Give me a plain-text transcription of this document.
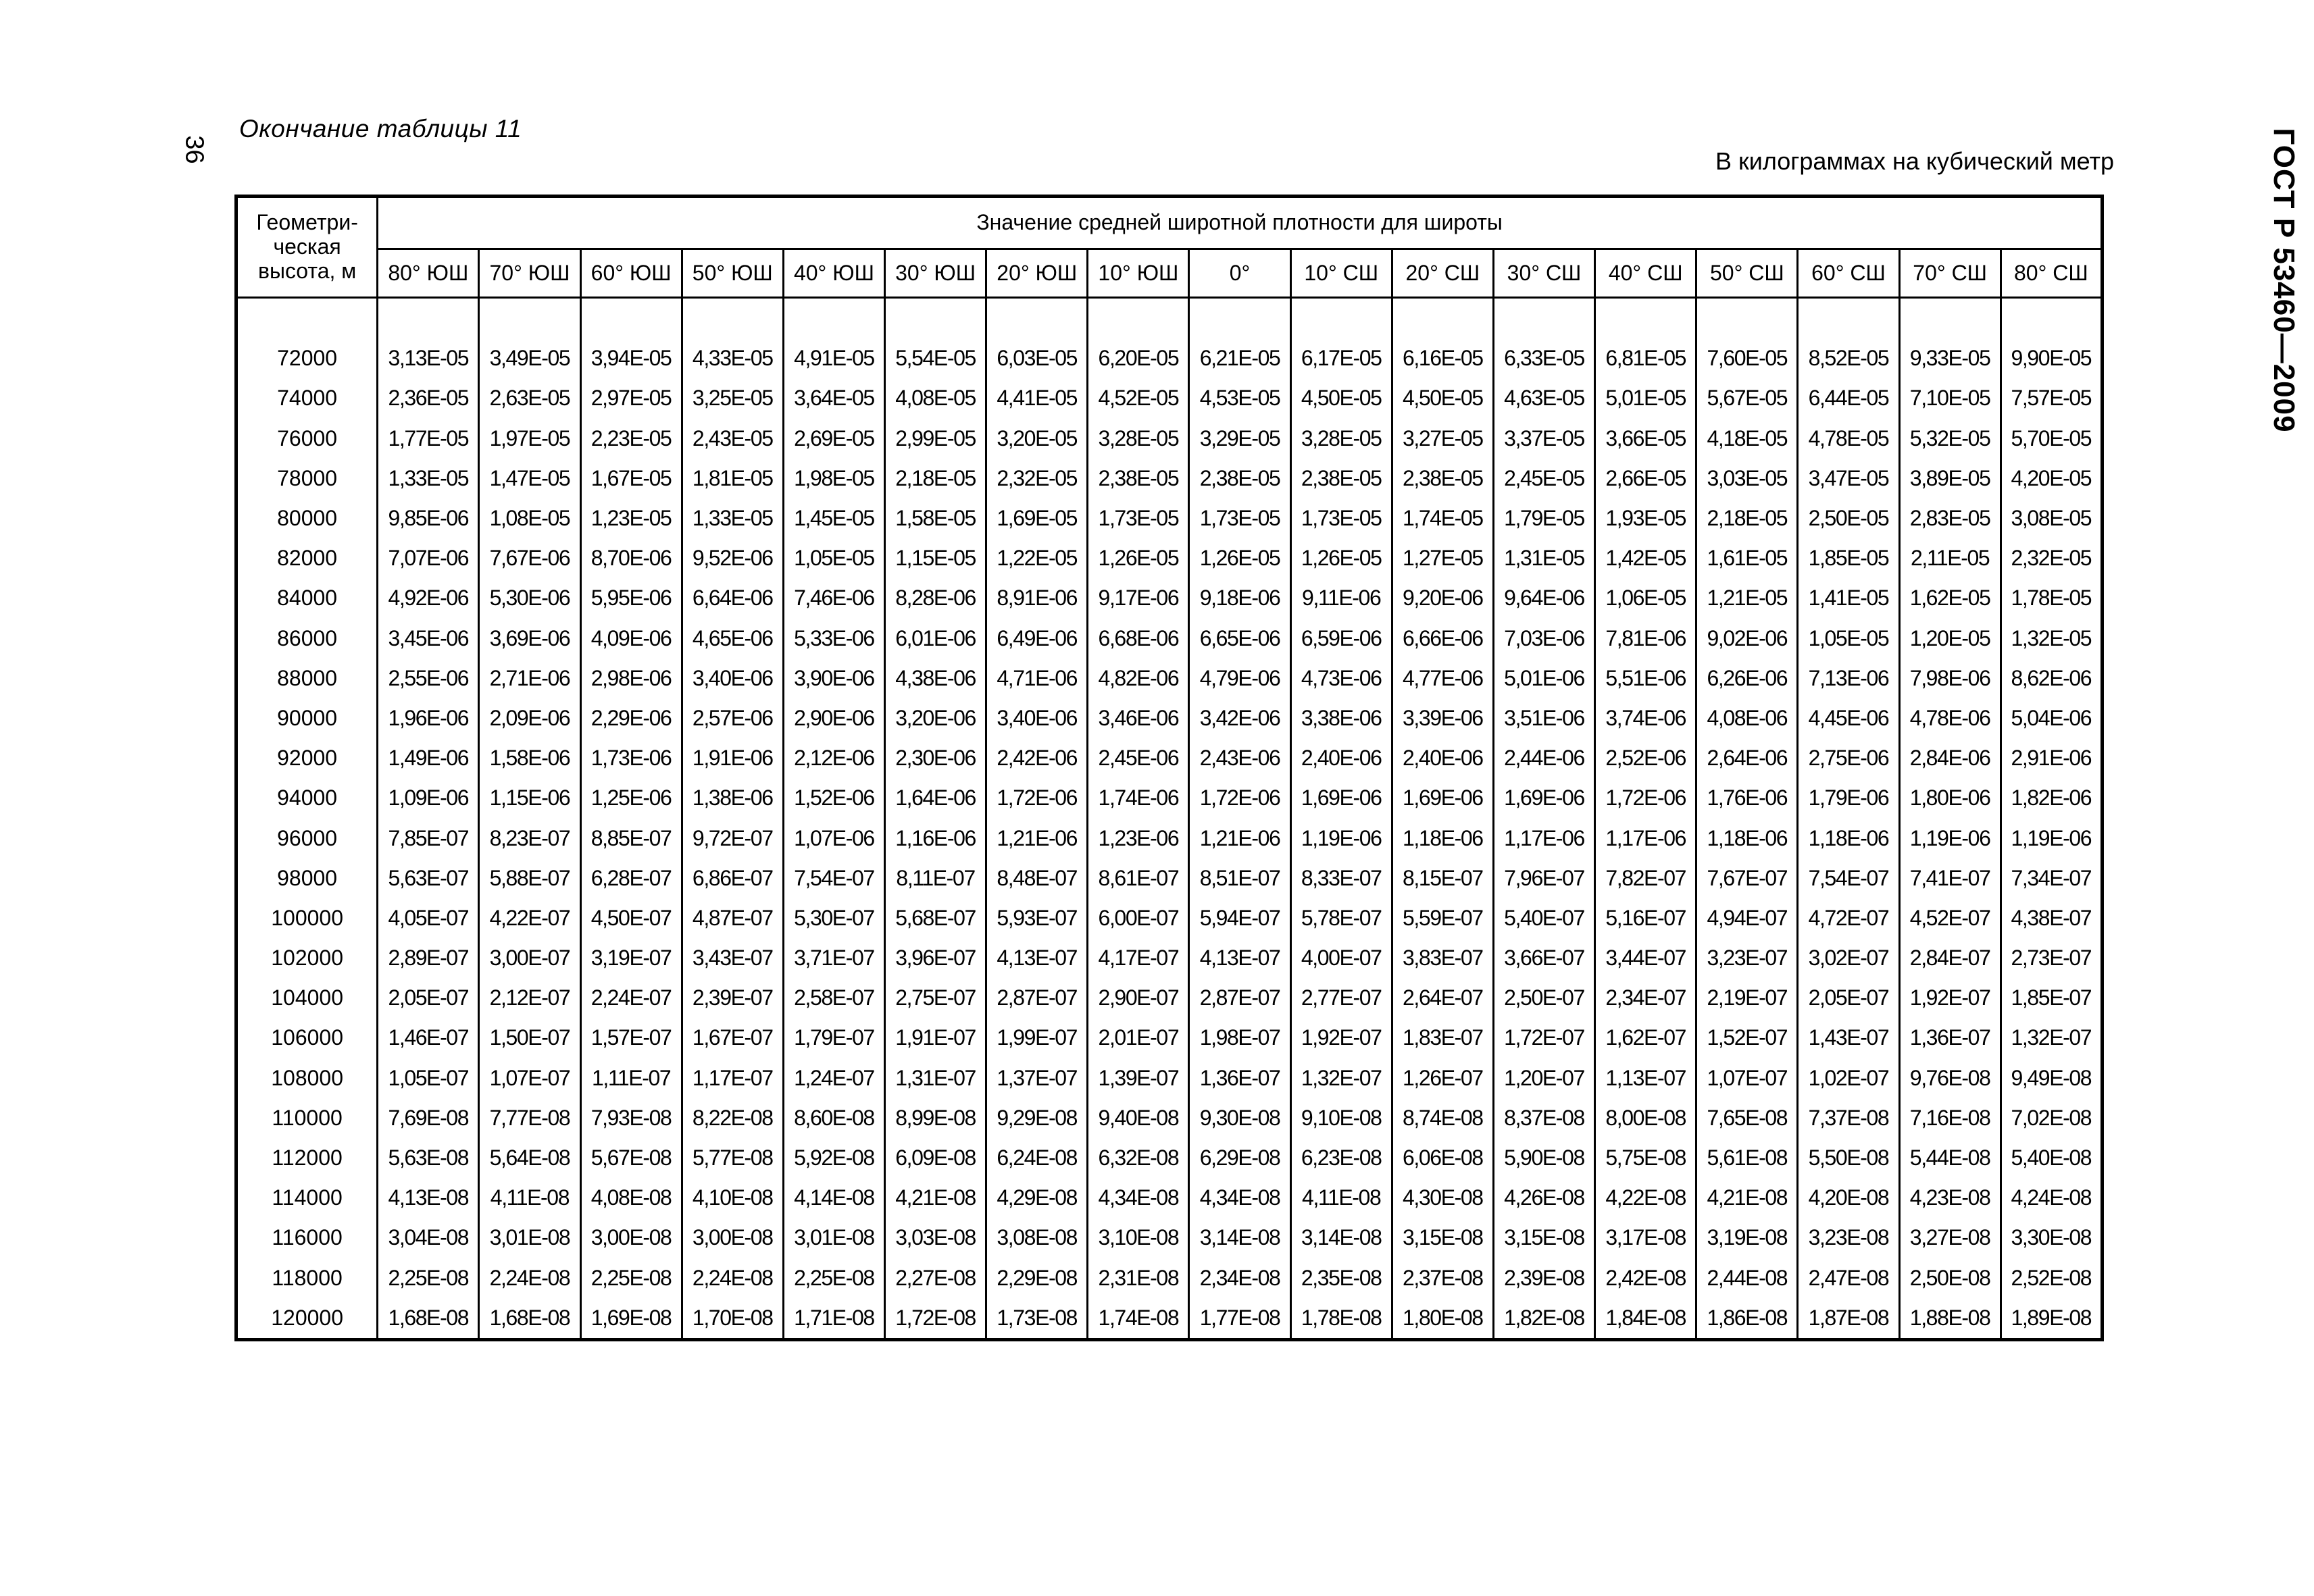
36
Окончание таблицы 11
В килограммах на кубический метр	ГОСТ Р 53460—2009
Геометри-
ческая
высота, м	Значение средней широтной плотности для широты																
	80° ЮШ	70° ЮШ	60° ЮШ	50° ЮШ	40° ЮШ	30° ЮШ	20° ЮШ	10° ЮШ	0°	10° СШ	20° СШ	30° СШ	40° СШ	50° СШ	60° СШ	70° СШ	80° СШ

72000	3,13E-05	3,49E-05	3,94E-05	4,33E-05	4,91E-05	5,54E-05	6,03E-05	6,20E-05	6,21E-05	6,17E-05	6,16E-05	6,33E-05	6,81E-05	7,60E-05	8,52E-05	9,33E-05	9,90E-05
74000	2,36E-05	2,63E-05	2,97E-05	3,25E-05	3,64E-05	4,08E-05	4,41E-05	4,52E-05	4,53E-05	4,50E-05	4,50E-05	4,63E-05	5,01E-05	5,67E-05	6,44E-05	7,10E-05	7,57E-05
76000	1,77E-05	1,97E-05	2,23E-05	2,43E-05	2,69E-05	2,99E-05	3,20E-05	3,28E-05	3,29E-05	3,28E-05	3,27E-05	3,37E-05	3,66E-05	4,18E-05	4,78E-05	5,32E-05	5,70E-05
78000	1,33E-05	1,47E-05	1,67E-05	1,81E-05	1,98E-05	2,18E-05	2,32E-05	2,38E-05	2,38E-05	2,38E-05	2,38E-05	2,45E-05	2,66E-05	3,03E-05	3,47E-05	3,89E-05	4,20E-05
80000	9,85E-06	1,08E-05	1,23E-05	1,33E-05	1,45E-05	1,58E-05	1,69E-05	1,73E-05	1,73E-05	1,73E-05	1,74E-05	1,79E-05	1,93E-05	2,18E-05	2,50E-05	2,83E-05	3,08E-05
82000	7,07E-06	7,67E-06	8,70E-06	9,52E-06	1,05E-05	1,15E-05	1,22E-05	1,26E-05	1,26E-05	1,26E-05	1,27E-05	1,31E-05	1,42E-05	1,61E-05	1,85E-05	2,11E-05	2,32E-05
84000	4,92E-06	5,30E-06	5,95E-06	6,64E-06	7,46E-06	8,28E-06	8,91E-06	9,17E-06	9,18E-06	9,11E-06	9,20E-06	9,64E-06	1,06E-05	1,21E-05	1,41E-05	1,62E-05	1,78E-05
86000	3,45E-06	3,69E-06	4,09E-06	4,65E-06	5,33E-06	6,01E-06	6,49E-06	6,68E-06	6,65E-06	6,59E-06	6,66E-06	7,03E-06	7,81E-06	9,02E-06	1,05E-05	1,20E-05	1,32E-05
88000	2,55E-06	2,71E-06	2,98E-06	3,40E-06	3,90E-06	4,38E-06	4,71E-06	4,82E-06	4,79E-06	4,73E-06	4,77E-06	5,01E-06	5,51E-06	6,26E-06	7,13E-06	7,98E-06	8,62E-06
90000	1,96E-06	2,09E-06	2,29E-06	2,57E-06	2,90E-06	3,20E-06	3,40E-06	3,46E-06	3,42E-06	3,38E-06	3,39E-06	3,51E-06	3,74E-06	4,08E-06	4,45E-06	4,78E-06	5,04E-06
92000	1,49E-06	1,58E-06	1,73E-06	1,91E-06	2,12E-06	2,30E-06	2,42E-06	2,45E-06	2,43E-06	2,40E-06	2,40E-06	2,44E-06	2,52E-06	2,64E-06	2,75E-06	2,84E-06	2,91E-06
94000	1,09E-06	1,15E-06	1,25E-06	1,38E-06	1,52E-06	1,64E-06	1,72E-06	1,74E-06	1,72E-06	1,69E-06	1,69E-06	1,69E-06	1,72E-06	1,76E-06	1,79E-06	1,80E-06	1,82E-06
96000	7,85E-07	8,23E-07	8,85E-07	9,72E-07	1,07E-06	1,16E-06	1,21E-06	1,23E-06	1,21E-06	1,19E-06	1,18E-06	1,17E-06	1,17E-06	1,18E-06	1,18E-06	1,19E-06	1,19E-06
98000	5,63E-07	5,88E-07	6,28E-07	6,86E-07	7,54E-07	8,11E-07	8,48E-07	8,61E-07	8,51E-07	8,33E-07	8,15E-07	7,96E-07	7,82E-07	7,67E-07	7,54E-07	7,41E-07	7,34E-07
100000	4,05E-07	4,22E-07	4,50E-07	4,87E-07	5,30E-07	5,68E-07	5,93E-07	6,00E-07	5,94E-07	5,78E-07	5,59E-07	5,40E-07	5,16E-07	4,94E-07	4,72E-07	4,52E-07	4,38E-07
102000	2,89E-07	3,00E-07	3,19E-07	3,43E-07	3,71E-07	3,96E-07	4,13E-07	4,17E-07	4,13E-07	4,00E-07	3,83E-07	3,66E-07	3,44E-07	3,23E-07	3,02E-07	2,84E-07	2,73E-07
104000	2,05E-07	2,12E-07	2,24E-07	2,39E-07	2,58E-07	2,75E-07	2,87E-07	2,90E-07	2,87E-07	2,77E-07	2,64E-07	2,50E-07	2,34E-07	2,19E-07	2,05E-07	1,92E-07	1,85E-07
106000	1,46E-07	1,50E-07	1,57E-07	1,67E-07	1,79E-07	1,91E-07	1,99E-07	2,01E-07	1,98E-07	1,92E-07	1,83E-07	1,72E-07	1,62E-07	1,52E-07	1,43E-07	1,36E-07	1,32E-07
108000	1,05E-07	1,07E-07	1,11E-07	1,17E-07	1,24E-07	1,31E-07	1,37E-07	1,39E-07	1,36E-07	1,32E-07	1,26E-07	1,20E-07	1,13E-07	1,07E-07	1,02E-07	9,76E-08	9,49E-08
110000	7,69E-08	7,77E-08	7,93E-08	8,22E-08	8,60E-08	8,99E-08	9,29E-08	9,40E-08	9,30E-08	9,10E-08	8,74E-08	8,37E-08	8,00E-08	7,65E-08	7,37E-08	7,16E-08	7,02E-08
112000	5,63E-08	5,64E-08	5,67E-08	5,77E-08	5,92E-08	6,09E-08	6,24E-08	6,32E-08	6,29E-08	6,23E-08	6,06E-08	5,90E-08	5,75E-08	5,61E-08	5,50E-08	5,44E-08	5,40E-08
114000	4,13E-08	4,11E-08	4,08E-08	4,10E-08	4,14E-08	4,21E-08	4,29E-08	4,34E-08	4,34E-08	4,11E-08	4,30E-08	4,26E-08	4,22E-08	4,21E-08	4,20E-08	4,23E-08	4,24E-08
116000	3,04E-08	3,01E-08	3,00E-08	3,00E-08	3,01E-08	3,03E-08	3,08E-08	3,10E-08	3,14E-08	3,14E-08	3,15E-08	3,15E-08	3,17E-08	3,19E-08	3,23E-08	3,27E-08	3,30E-08
118000	2,25E-08	2,24E-08	2,25E-08	2,24E-08	2,25E-08	2,27E-08	2,29E-08	2,31E-08	2,34E-08	2,35E-08	2,37E-08	2,39E-08	2,42E-08	2,44E-08	2,47E-08	2,50E-08	2,52E-08
120000	1,68E-08	1,68E-08	1,69E-08	1,70E-08	1,71E-08	1,72E-08	1,73E-08	1,74E-08	1,77E-08	1,78E-08	1,80E-08	1,82E-08	1,84E-08	1,86E-08	1,87E-08	1,88E-08	1,89E-08
